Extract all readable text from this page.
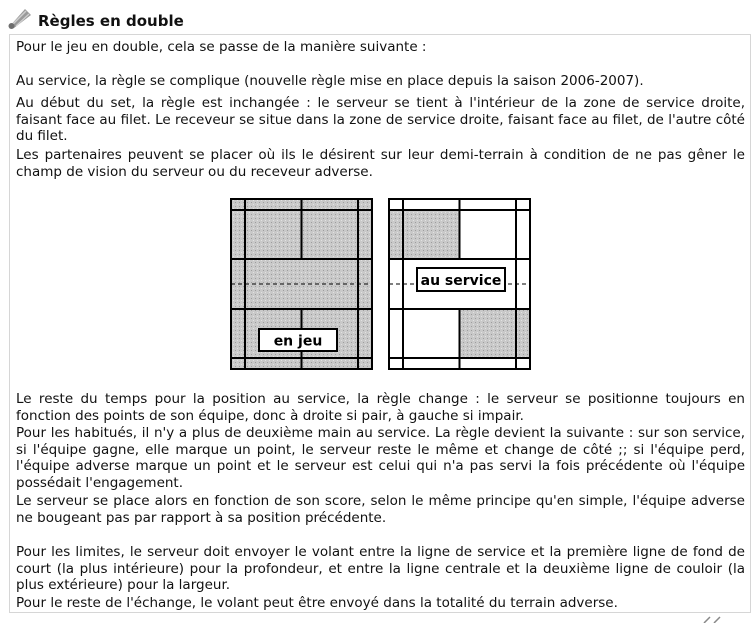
Règles en double
Pour le jeu en double, cela se passe de la manière suivante :
Au service, la règle se complique (nouvelle règle mise en place depuis la saison 2006-2007).
Au début du set, la règle est inchangée : le serveur se tient à l'intérieur de la zone de service droite, faisant face au filet. Le receveur se situe dans la zone de service droite, faisant face au filet, de l'autre côté du filet.
Les partenaires peuvent se placer où ils le désirent sur leur demi-terrain à condition de ne pas gêner le champ de vision du serveur ou du receveur adverse.
en jeu
au service
Le reste du temps pour la position au service, la règle change : le serveur se positionne toujours en fonction des points de son équipe, donc à droite si pair, à gauche si impair.
Pour les habitués, il n'y a plus de deuxième main au service. La règle devient la suivante : sur son service, si l'équipe gagne, elle marque un point, le serveur reste le même et change de côté ;; si l'équipe perd, l'équipe adverse marque un point et le serveur est celui qui n'a pas servi la fois précédente où l'équipe possédait l'engagement.
Le serveur se place alors en fonction de son score, selon le même principe qu'en simple, l'équipe adverse ne bougeant pas par rapport à sa position précédente.
Pour les limites, le serveur doit envoyer le volant entre la ligne de service et la première ligne de fond de court (la plus intérieure) pour la profondeur, et entre la ligne centrale et la deuxième ligne de couloir (la plus extérieure) pour la largeur.
Pour le reste de l'échange, le volant peut être envoyé dans la totalité du terrain adverse.
